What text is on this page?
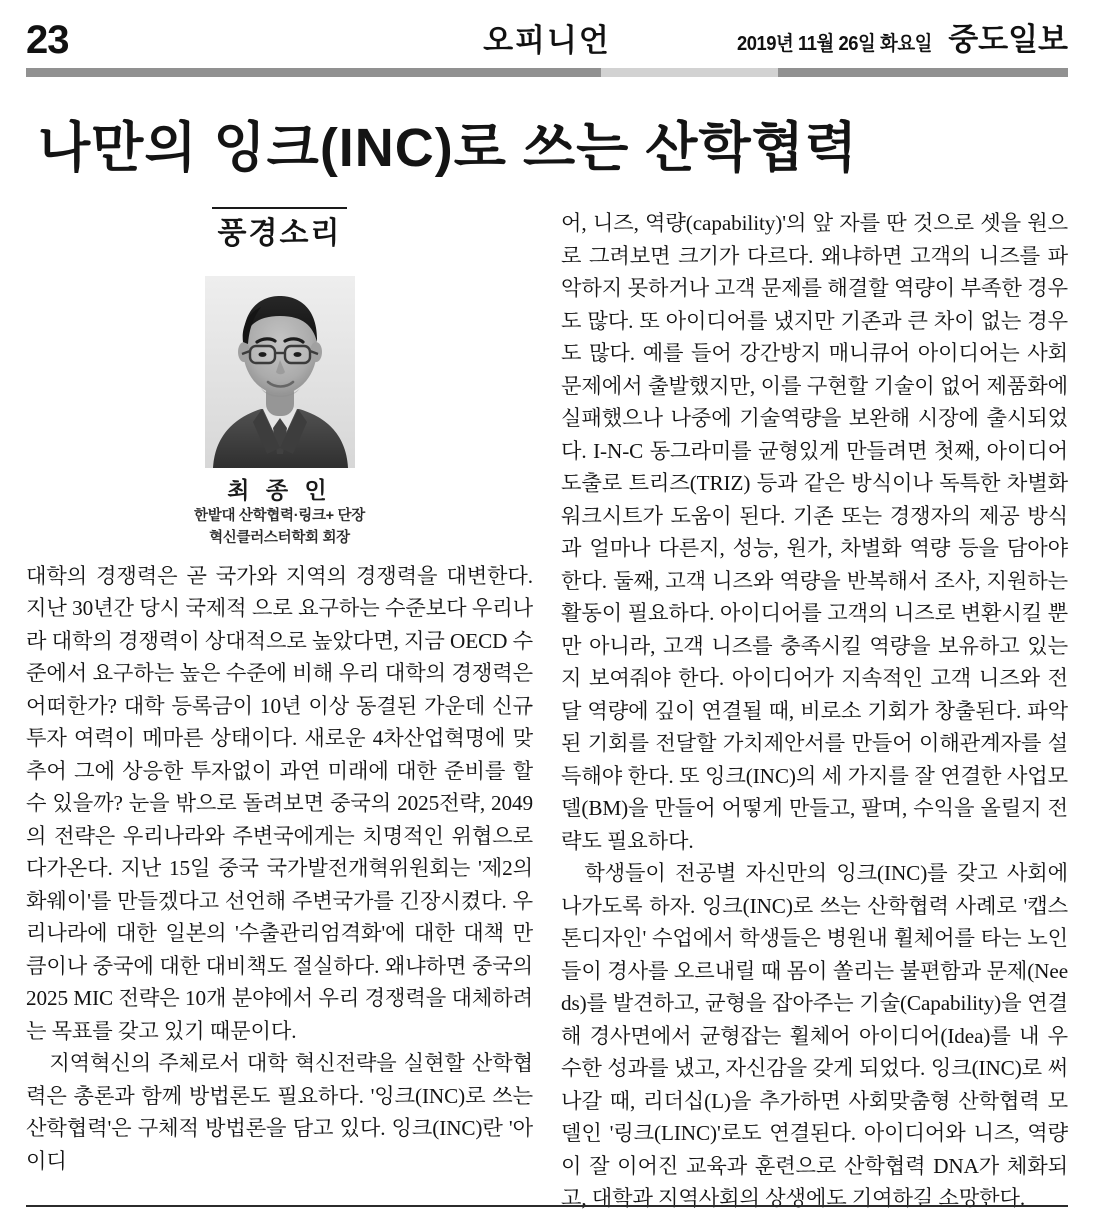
23	오피니언	2019년 11월 26일 화요일 중도일보
나만의 잉크(INC)로 쓰는 산학협력
풍경소리
최 종 인
한밭대 산학협력·링크+ 단장
혁신클러스터학회 회장

대학의 경쟁력은 곧 국가와 지역의 경쟁력을 대변한다. 지난 30년간 당시 국제적 으로 요구하는 수준보다 우리나라 대학의 경쟁력이 상대적으로 높았다면, 지금 OECD 수준에서 요구하는 높은 수준에 비해 우리 대학의 경쟁력은 어떠한가? 대학 등록금이 10년 이상 동결된 가운데 신규투자 여력이 메마른 상태이다. 새로운 4차산업혁명에 맞추어 그에 상응한 투자없이 과연 미래에 대한 준비를 할 수 있을까? 눈을 밖으로 돌려보면 중국의 2025전략, 2049의 전략은 우리나라와 주변국에게는 치명적인 위협으로 다가온다. 지난 15일 중국 국가발전개혁위원회는 '제2의 화웨이'를 만들겠다고 선언해 주변국가를 긴장시켰다. 우리나라에 대한 일본의 '수출관리엄격화'에 대한 대책 만큼이나 중국에 대한 대비책도 절실하다. 왜냐하면 중국의 2025 MIC 전략은 10개 분야에서 우리 경쟁력을 대체하려는 목표를 갖고 있기 때문이다.

지역혁신의 주체로서 대학 혁신전략을 실현할 산학협력은 총론과 함께 방법론도 필요하다. '잉크(INC)로 쓰는 산학협력'은 구체적 방법론을 담고 있다. 잉크(INC)란 '아이디

어, 니즈, 역량(capability)'의 앞 자를 딴 것으로 셋을 원으로 그려보면 크기가 다르다. 왜냐하면 고객의 니즈를 파악하지 못하거나 고객 문제를 해결할 역량이 부족한 경우도 많다. 또 아이디어를 냈지만 기존과 큰 차이 없는 경우도 많다. 예를 들어 강간방지 매니큐어 아이디어는 사회문제에서 출발했지만, 이를 구현할 기술이 없어 제품화에 실패했으나 나중에 기술역량을 보완해 시장에 출시되었다. I-N-C 동그라미를 균형있게 만들려면 첫째, 아이디어도출로 트리즈(TRIZ) 등과 같은 방식이나 독특한 차별화 워크시트가 도움이 된다. 기존 또는 경쟁자의 제공 방식과 얼마나 다른지, 성능, 원가, 차별화 역량 등을 담아야 한다. 둘째, 고객 니즈와 역량을 반복해서 조사, 지원하는 활동이 필요하다. 아이디어를 고객의 니즈로 변환시킬 뿐만 아니라, 고객 니즈를 충족시킬 역량을 보유하고 있는지 보여줘야 한다. 아이디어가 지속적인 고객 니즈와 전달 역량에 깊이 연결될 때, 비로소 기회가 창출된다. 파악된 기회를 전달할 가치제안서를 만들어 이해관계자를 설득해야 한다. 또 잉크(INC)의 세 가지를 잘 연결한 사업모델(BM)을 만들어 어떻게 만들고, 팔며, 수익을 올릴지 전략도 필요하다.

학생들이 전공별 자신만의 잉크(INC)를 갖고 사회에 나가도록 하자. 잉크(INC)로 쓰는 산학협력 사례로 '캡스톤디자인' 수업에서 학생들은 병원내 휠체어를 타는 노인들이 경사를 오르내릴 때 몸이 쏠리는 불편함과 문제(Needs)를 발견하고, 균형을 잡아주는 기술(Capability)을 연결해 경사면에서 균형잡는 휠체어 아이디어(Idea)를 내 우수한 성과를 냈고, 자신감을 갖게 되었다. 잉크(INC)로 써나갈 때, 리더십(L)을 추가하면 사회맞춤형 산학협력 모델인 '링크(LINC)'로도 연결된다. 아이디어와 니즈, 역량이 잘 이어진 교육과 훈련으로 산학협력 DNA가 체화되고, 대학과 지역사회의 상생에도 기여하길 소망한다.
